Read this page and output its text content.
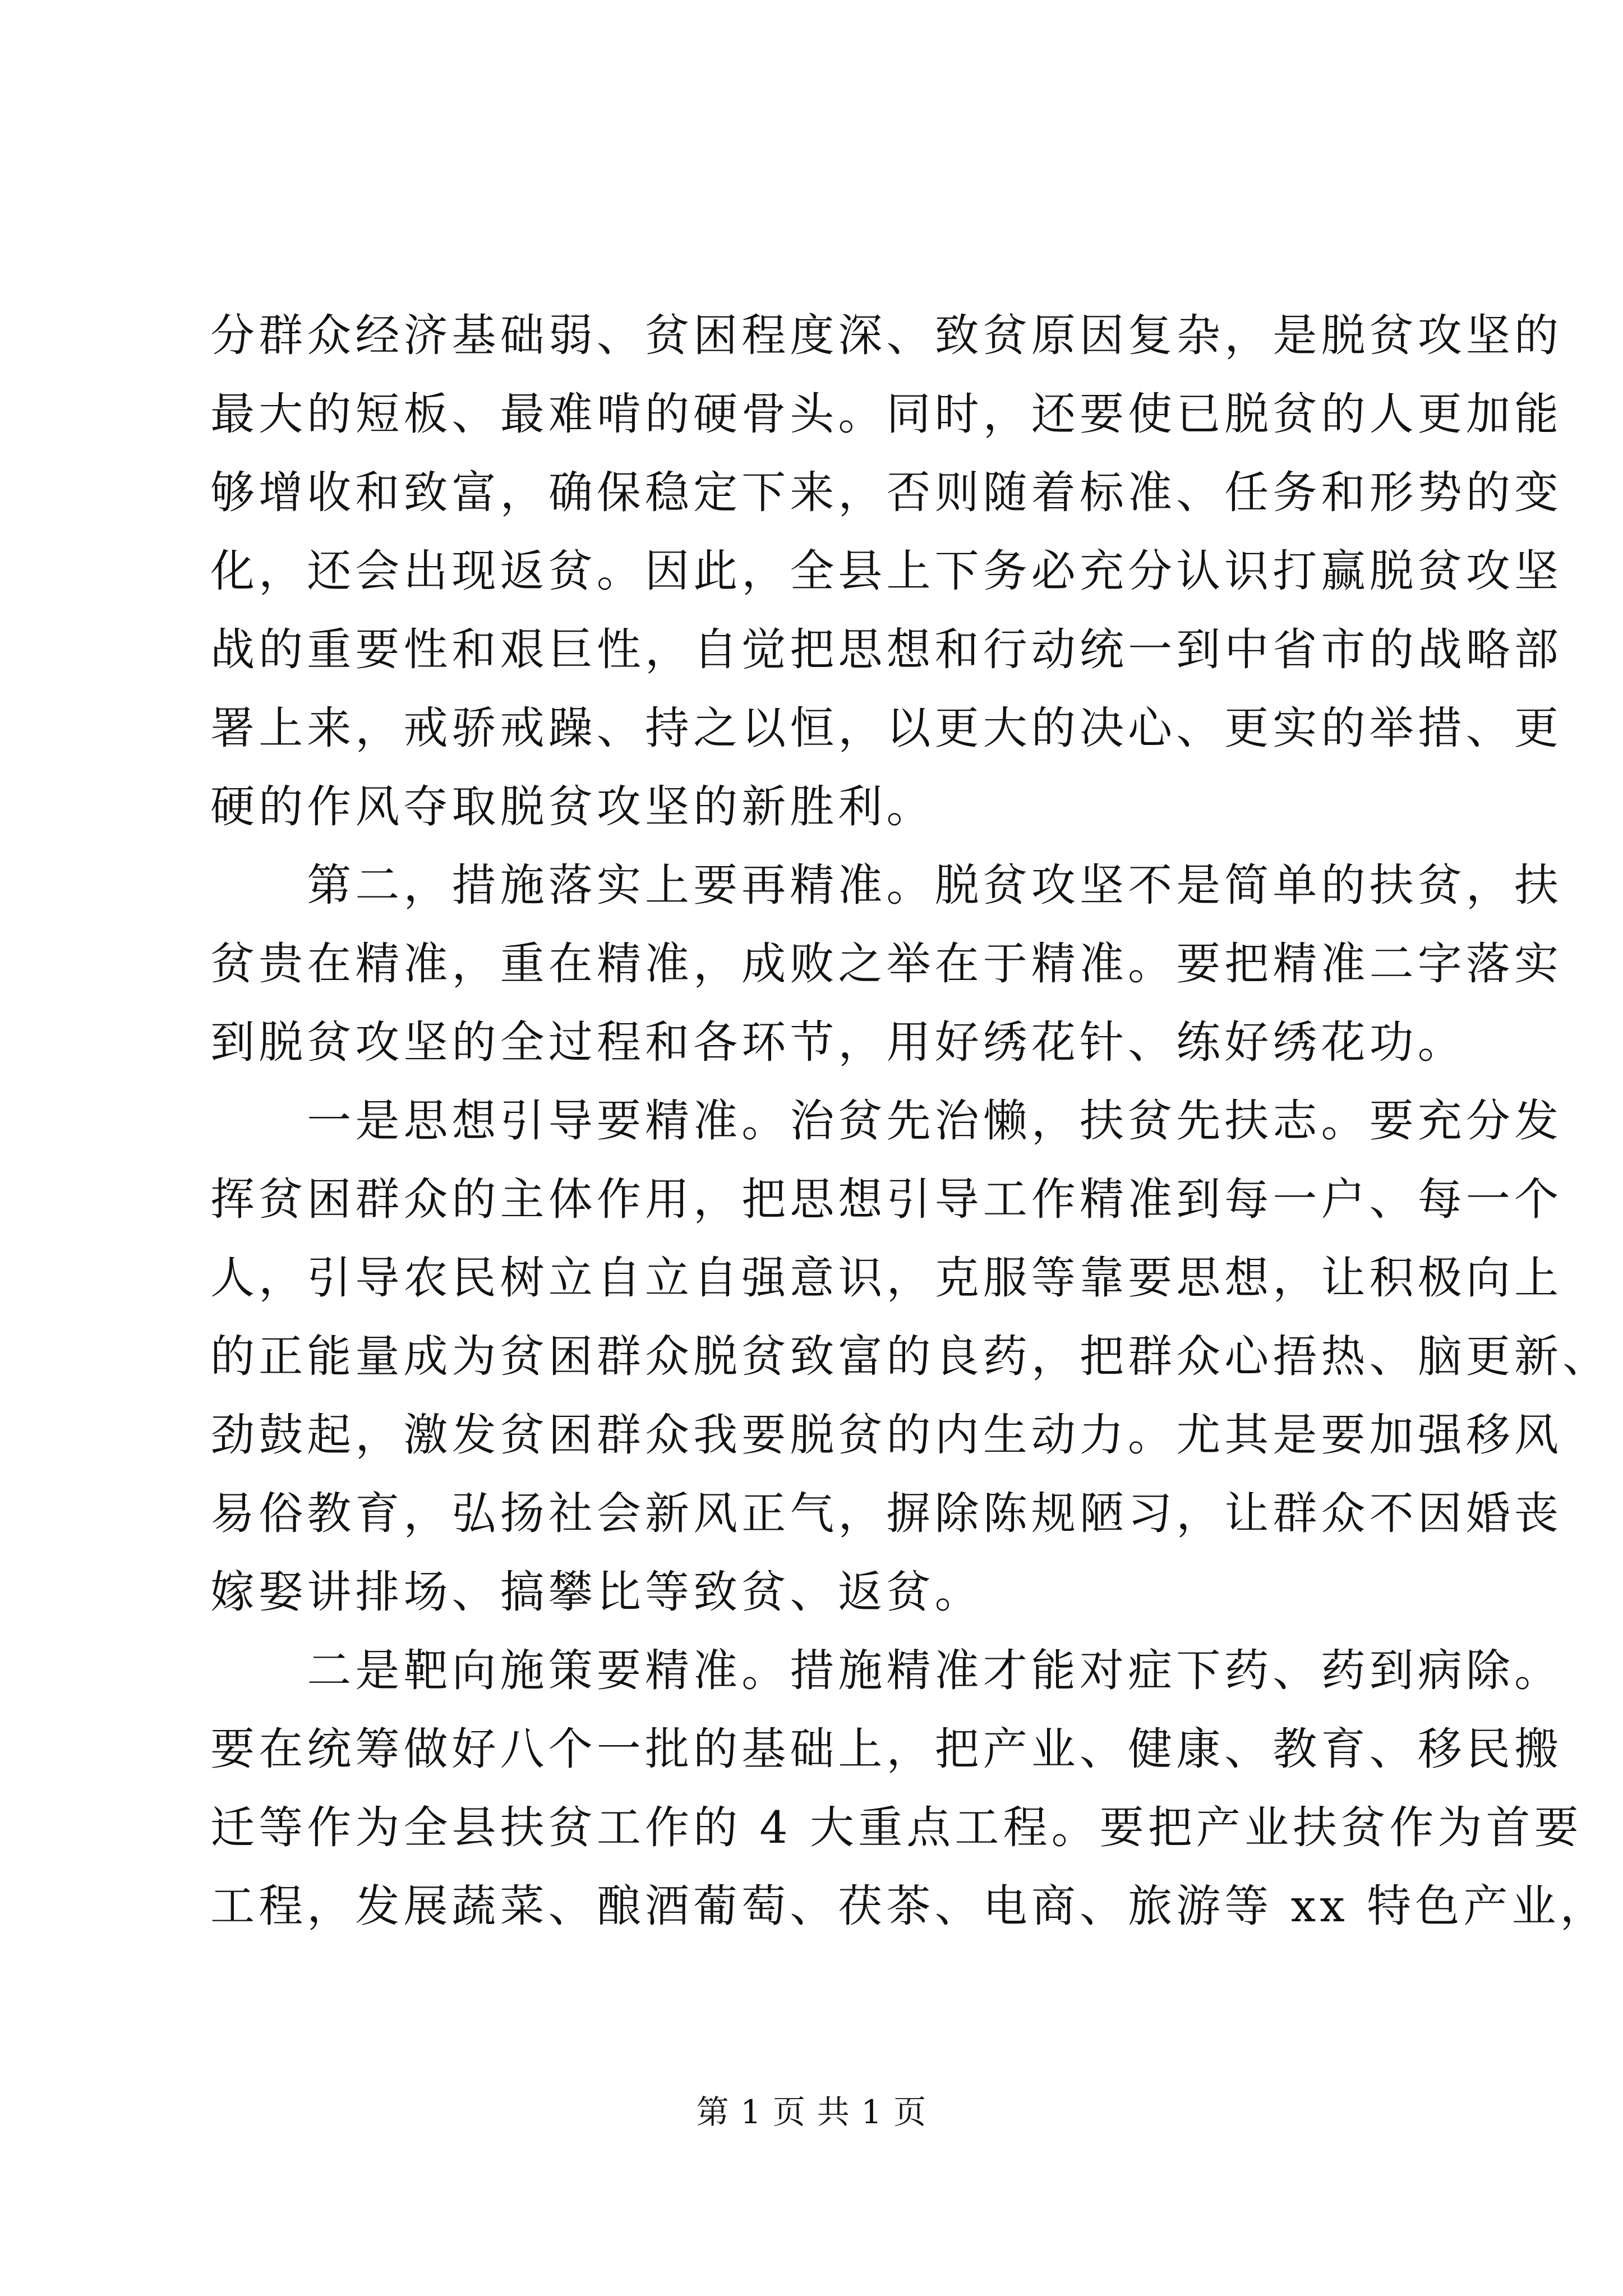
分群众经济基础弱、贫困程度深、致贫原因复杂，是脱贫攻坚的
最大的短板、最难啃的硬骨头。同时，还要使已脱贫的人更加能
够增收和致富，确保稳定下来，否则随着标准、任务和形势的变
化，还会出现返贫。因此，全县上下务必充分认识打赢脱贫攻坚
战的重要性和艰巨性，自觉把思想和行动统一到中省市的战略部
署上来，戒骄戒躁、持之以恒，以更大的决心、更实的举措、更
硬的作风夺取脱贫攻坚的新胜利。
　　第二，措施落实上要再精准。脱贫攻坚不是简单的扶贫，扶
贫贵在精准，重在精准，成败之举在于精准。要把精准二字落实
到脱贫攻坚的全过程和各环节，用好绣花针、练好绣花功。
　　一是思想引导要精准。治贫先治懒，扶贫先扶志。要充分发
挥贫困群众的主体作用，把思想引导工作精准到每一户、每一个
人，引导农民树立自立自强意识，克服等靠要思想，让积极向上
的正能量成为贫困群众脱贫致富的良药，把群众心捂热、脑更新、
劲鼓起，激发贫困群众我要脱贫的内生动力。尤其是要加强移风
易俗教育，弘扬社会新风正气，摒除陈规陋习，让群众不因婚丧
嫁娶讲排场、搞攀比等致贫、返贫。
　　二是靶向施策要精准。措施精准才能对症下药、药到病除。
要在统筹做好八个一批的基础上，把产业、健康、教育、移民搬
迁等作为全县扶贫工作的 4 大重点工程。要把产业扶贫作为首要
工程，发展蔬菜、酿酒葡萄、茯茶、电商、旅游等 xx 特色产业，
第 1 页 共 1 页
